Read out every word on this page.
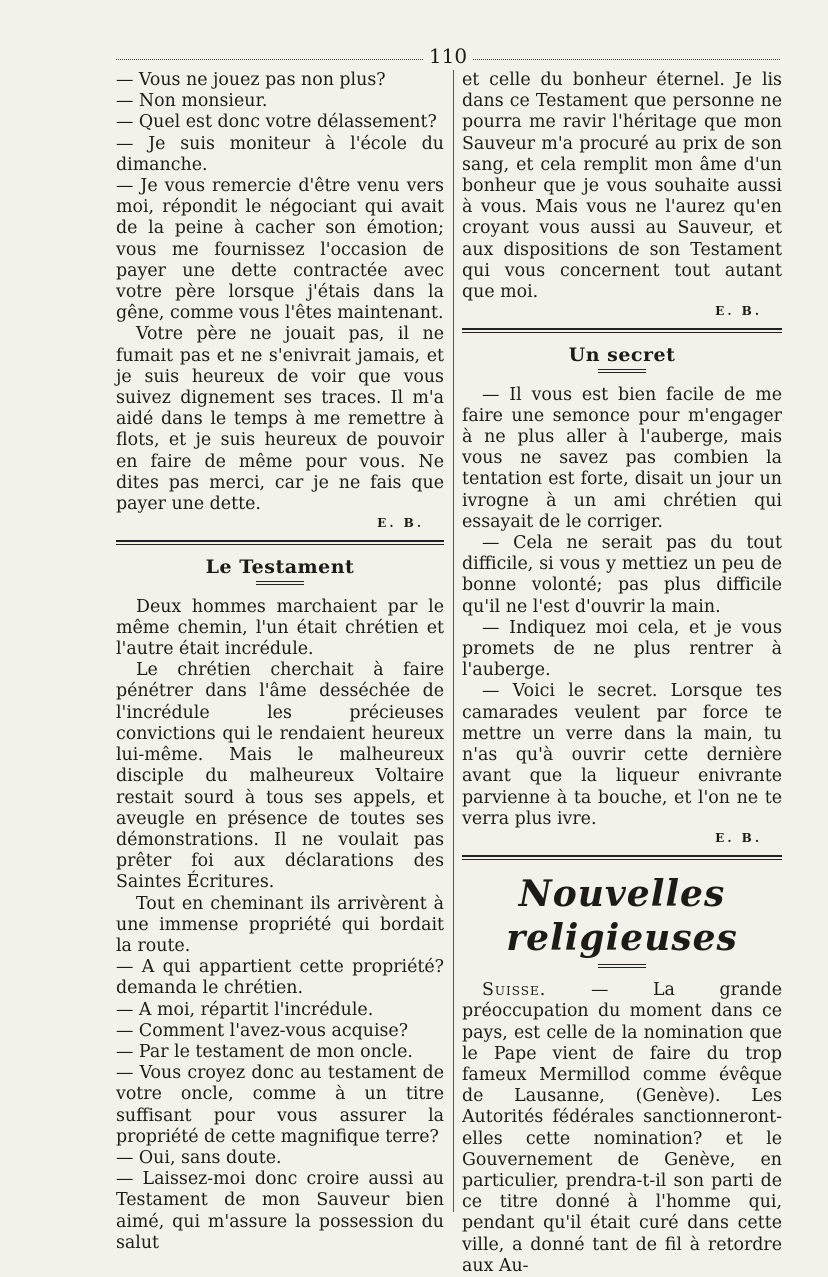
110

— Vous ne jouez pas non plus?

— Non monsieur.

— Quel est donc votre délassement?

— Je suis moniteur à l'école du dimanche.

— Je vous remercie d'être venu vers moi, répondit le négociant qui avait de la peine à cacher son émotion; vous me fournissez l'occasion de payer une dette contractée avec votre père lorsque j'étais dans la gêne, comme vous l'êtes maintenant.

Votre père ne jouait pas, il ne fumait pas et ne s'enivrait jamais, et je suis heureux de voir que vous suivez dignement ses traces. Il m'a aidé dans le temps à me remettre à flots, et je suis heureux de pouvoir en faire de même pour vous. Ne dites pas merci, car je ne fais que payer une dette.

E. B.
Le Testament

Deux hommes marchaient par le même chemin, l'un était chrétien et l'autre était incrédule.

Le chrétien cherchait à faire pénétrer dans l'âme desséchée de l'incrédule les précieuses convictions qui le rendaient heureux lui-même. Mais le malheureux disciple du malheureux Voltaire restait sourd à tous ses appels, et aveugle en présence de toutes ses démonstrations. Il ne voulait pas prêter foi aux déclarations des Saintes Écritures.

Tout en cheminant ils arrivèrent à une immense propriété qui bordait la route.

— A qui appartient cette propriété? demanda le chrétien.

— A moi, répartit l'incrédule.

— Comment l'avez-vous acquise?

— Par le testament de mon oncle.

— Vous croyez donc au testament de votre oncle, comme à un titre suffisant pour vous assurer la propriété de cette magnifique terre?

— Oui, sans doute.

— Laissez-moi donc croire aussi au Testament de mon Sauveur bien aimé, qui m'assure la possession du salut

et celle du bonheur éternel. Je lis dans ce Testament que personne ne pourra me ravir l'héritage que mon Sauveur m'a procuré au prix de son sang, et cela remplit mon âme d'un bonheur que je vous souhaite aussi à vous. Mais vous ne l'aurez qu'en croyant vous aussi au Sauveur, et aux dispositions de son Testament qui vous concernent tout autant que moi.

E. B.
Un secret

— Il vous est bien facile de me faire une semonce pour m'engager à ne plus aller à l'auberge, mais vous ne savez pas combien la tentation est forte, disait un jour un ivrogne à un ami chrétien qui essayait de le corriger.

— Cela ne serait pas du tout difficile, si vous y mettiez un peu de bonne volonté; pas plus difficile qu'il ne l'est d'ouvrir la main.

— Indiquez moi cela, et je vous promets de ne plus rentrer à l'auberge.

— Voici le secret. Lorsque tes camarades veulent par force te mettre un verre dans la main, tu n'as qu'à ouvrir cette dernière avant que la liqueur enivrante parvienne à ta bouche, et l'on ne te verra plus ivre.

E. B.
Nouvelles religieuses

Suisse. — La grande préoccupation du moment dans ce pays, est celle de la nomination que le Pape vient de faire du trop fameux Mermillod comme évêque de Lausanne, (Genève). Les Autorités fédérales sanctionneront-elles cette nomination? et le Gouvernement de Genève, en particulier, prendra-t-il son parti de ce titre donné à l'homme qui, pendant qu'il était curé dans cette ville, a donné tant de fil à retordre aux Au-
